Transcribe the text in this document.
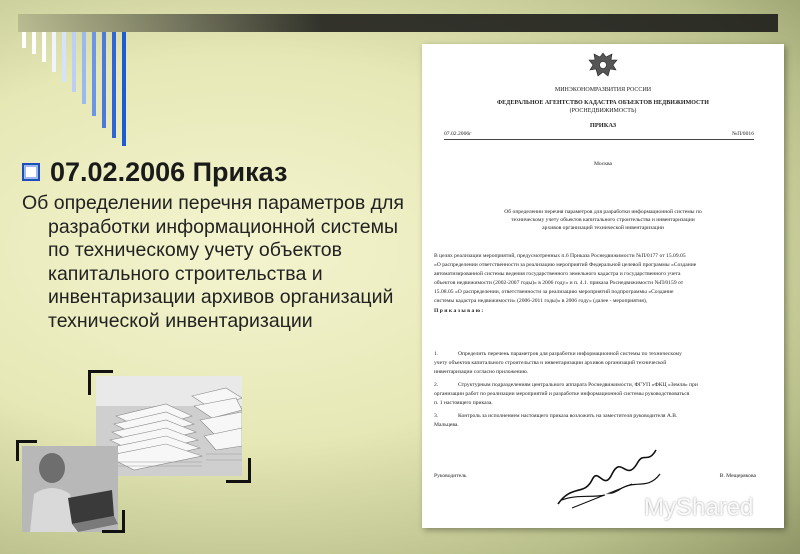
07.02.2006 Приказ
Об определении перечня параметров для
разработки информационной системы
по техническому учету объектов
капитального строительства и
инвентаризации архивов организаций
технической инвентаризации
МИНЭКОНОМРАЗВИТИЯ РОССИИ
ФЕДЕРАЛЬНОЕ АГЕНТСТВО КАДАСТРА ОБЪЕКТОВ НЕДВИЖИМОСТИ
(РОСНЕДВИЖИМОСТЬ)
ПРИКАЗ
07.02.2006г	№П/0016
Москва
Об определении перечня параметров для разработки информационной системы по
техническому учету объектов капитального строительства и инвентаризации
архивов организаций технической инвентаризации
В целях реализации мероприятий, предусмотренных п.6 Приказа Роснедвижимости №П/0177 от 15.09.05
«О распределении ответственности за реализацию мероприятий Федеральной целевой программы «Создание
автоматизированной системы ведения государственного земельного кадастра и государственного учета
объектов недвижимости (2002-2007 годы)» в 2006 году» и п. 4.1. приказа Роснедвижимости №П/0159 от
15.08.05 «О распределении, ответственности за реализацию мероприятий подпрограммы «Создание
системы кадастра недвижимости» (2006-2011 годы)» в 2006 году» (далее - мероприятия),
П р и к а з ы в а ю :
1.	Определить перечень параметров для разработки информационной системы по техническому
учету объектов капитального строительства и инвентаризации архивов организаций технической
инвентаризации согласно приложению.
2.	Структурным подразделениям центрального аппарата Роснедвижимости, ФГУП «ФКЦ «Земля» при
организации работ по реализации мероприятий и разработке информационной системы руководствоваться
п. 1 настоящего приказа.
3.	Контроль за исполнением настоящего приказа возложить на заместителя руководителя А.В.
Мальцева.
Руководитель	В. Мещерякова
MyShared
